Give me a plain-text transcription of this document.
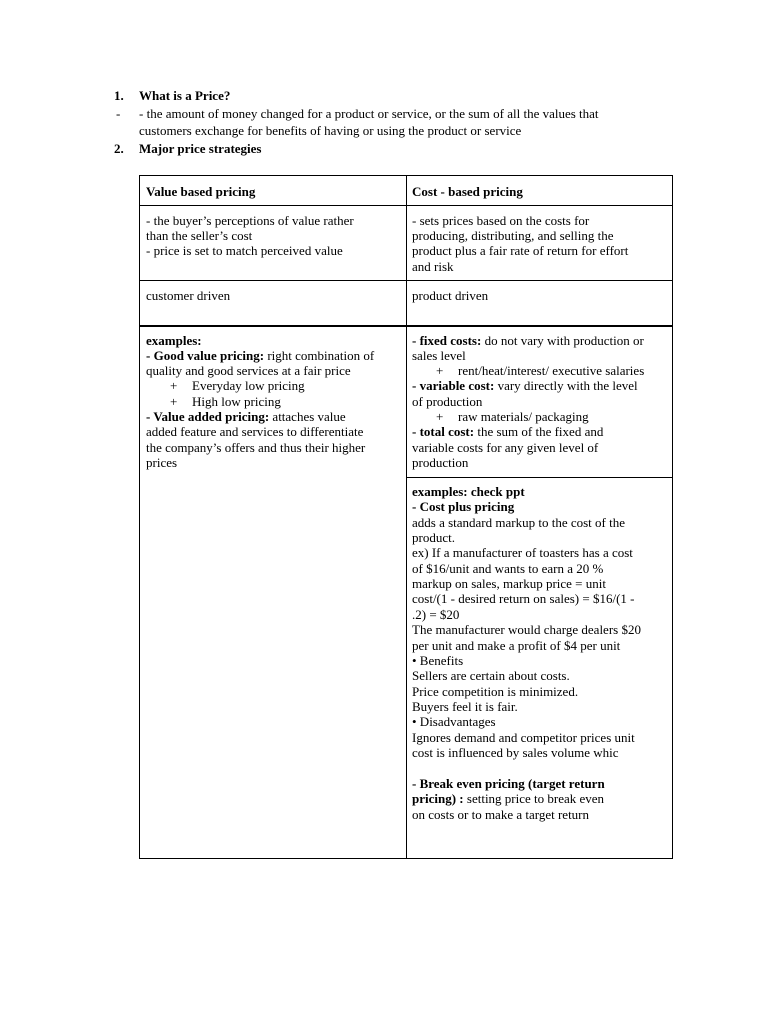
1. What is a Price?
- - the amount of money changed for a product or service, or the sum of all the values that
customers exchange for benefits of having or using the product or service
2. Major price strategies
Value based pricing	Cost - based pricing
- the buyer’s perceptions of value rather
than the seller’s cost
- price is set to match perceived value
- sets prices based on the costs for
producing, distributing, and selling the
product plus a fair rate of return for effort
and risk
customer driven	product driven
examples:
- Good value pricing: right combination of
quality and good services at a fair price
+ Everyday low pricing
+ High low pricing
- Value added pricing: attaches value
added feature and services to differentiate
the company’s offers and thus their higher
prices
- fixed costs: do not vary with production or
sales level
+ rent/heat/interest/ executive salaries
- variable cost: vary directly with the level
of production
+ raw materials/ packaging
- total cost: the sum of the fixed and
variable costs for any given level of
production
examples: check ppt
- Cost plus pricing
adds a standard markup to the cost of the
product.
ex) If a manufacturer of toasters has a cost
of $16/unit and wants to earn a 20 %
markup on sales, markup price = unit
cost/(1 - desired return on sales) = $16/(1 -
.2) = $20
The manufacturer would charge dealers $20
per unit and make a profit of $4 per unit
• Benefits
Sellers are certain about costs.
Price competition is minimized.
Buyers feel it is fair.
• Disadvantages
Ignores demand and competitor prices unit
cost is influenced by sales volume whic
- Break even pricing (target return
pricing) : setting price to break even
on costs or to make a target return
